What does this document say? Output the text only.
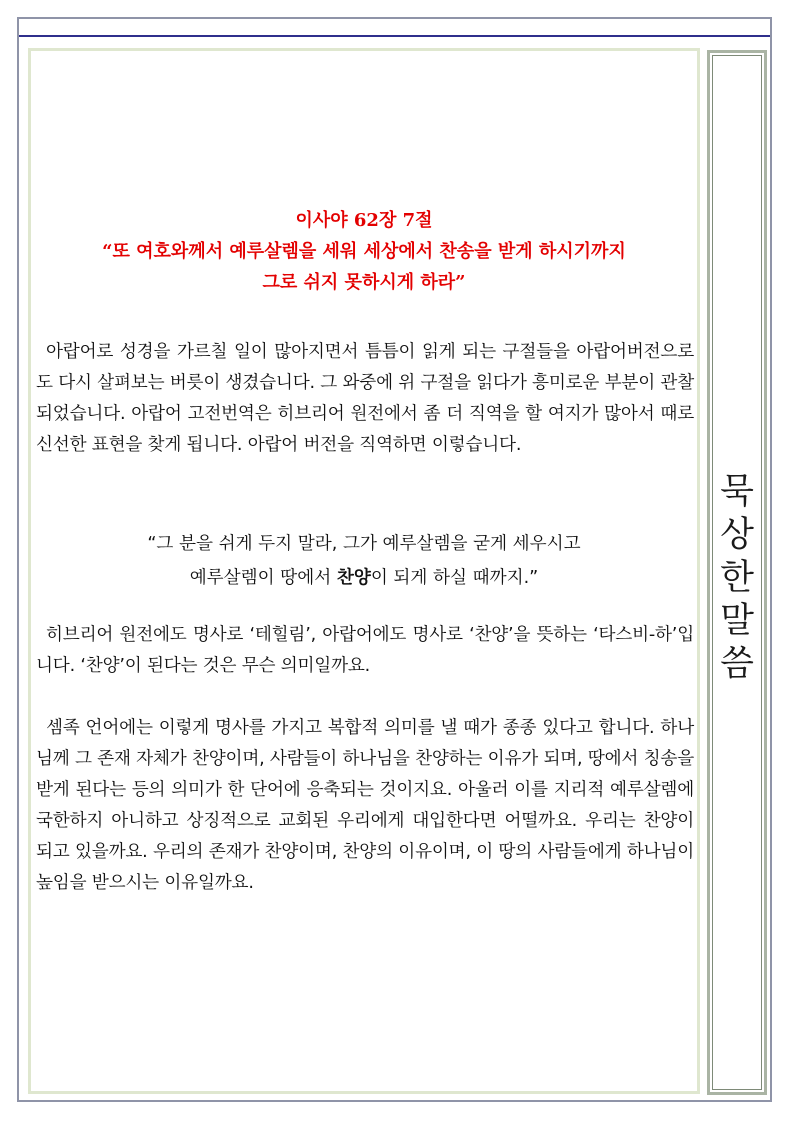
묵
상
한
말
씀
이사야 62장 7절
“또 여호와께서 예루살렘을 세워 세상에서 찬송을 받게 하시기까지
그로 쉬지 못하시게 하라”

아랍어로 성경을 가르칠 일이 많아지면서 틈틈이 읽게 되는 구절들을 아랍어버전으로도 다시 살펴보는 버릇이 생겼습니다. 그 와중에 위 구절을 읽다가 흥미로운 부분이 관찰되었습니다. 아랍어 고전번역은 히브리어 원전에서 좀 더 직역을 할 여지가 많아서 때로 신선한 표현을 찾게 됩니다. 아랍어 버전을 직역하면 이렇습니다.

“그 분을 쉬게 두지 말라, 그가 예루살렘을 굳게 세우시고
예루살렘이 땅에서 찬양이 되게 하실 때까지.”

히브리어 원전에도 명사로 ‘테힐림’, 아랍어에도 명사로 ‘찬양’을 뜻하는 ‘타스비-하’입니다. ‘찬양’이 된다는 것은 무슨 의미일까요.

셈족 언어에는 이렇게 명사를 가지고 복합적 의미를 낼 때가 종종 있다고 합니다. 하나님께 그 존재 자체가 찬양이며, 사람들이 하나님을 찬양하는 이유가 되며, 땅에서 칭송을 받게 된다는 등의 의미가 한 단어에 응축되는 것이지요. 아울러 이를 지리적 예루살렘에 국한하지 아니하고 상징적으로 교회된 우리에게 대입한다면 어떨까요. 우리는 찬양이 되고 있을까요. 우리의 존재가 찬양이며, 찬양의 이유이며, 이 땅의 사람들에게 하나님이 높임을 받으시는 이유일까요.
